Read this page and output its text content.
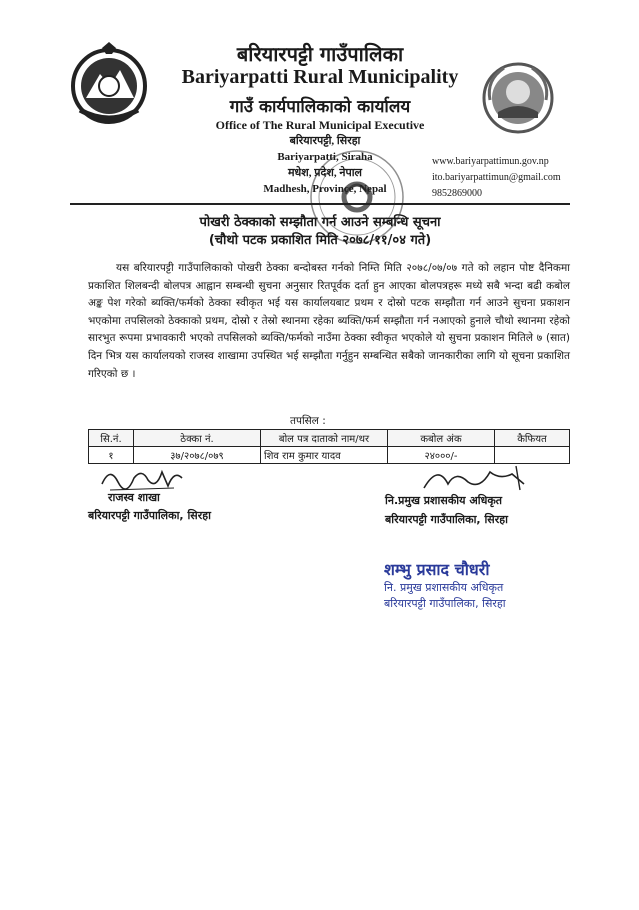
बरियारपट्टी गाउँपालिका
Bariyarpatti Rural Municipality
गाउँ कार्यपालिकाको कार्यालय
Office of The Rural Municipal Executive
बरियारपट्टी, सिरहा
Bariyarpatti, Siraha
मधेश, प्रदेश, नेपाल
Madhesh, Province, Nepal
www.bariyarpattimun.gov.np
ito.bariyarpattimun@gmail.com
9852869000
पोखरी ठेक्काको सम्झौता गर्न आउने सम्बन्धि सूचना
(चौथो पटक प्रकाशित मिति २०७८/११/०४ गते)
यस बरियारपट्टी गाउँपालिकाको पोखरी ठेक्का बन्दोबस्त गर्नको निम्ति मिति २०७८/०७/०७ गते को लहान पोष्ट दैनिकमा प्रकाशित शिलबन्दी बोलपत्र आह्वान सम्बन्धी सुचना अनुसार रितपूर्वक दर्ता हुन आएका बोलपत्रहरू मध्ये सबै भन्दा बढी कबोल अङ्क पेश गरेको ब्यक्ति/फर्मको ठेक्का स्वीकृत भई यस कार्यालयबाट प्रथम र दोस्रो पटक सम्झौता गर्न आउने सुचना प्रकाशन भएकोमा तपसिलको ठेक्काको प्रथम, दोस्रो र तेस्रो स्थानमा रहेका ब्यक्ति/फर्म सम्झौता गर्न नआएको हुनाले चौथो स्थानमा रहेको सारभुत रूपमा प्रभावकारी भएको तपसिलको ब्यक्ति/फर्मको नाउँमा ठेक्का स्वीकृत भएकोले यो सुचना प्रकाशन मितिले ७ (सात) दिन भित्र यस कार्यालयको राजस्व शाखामा उपस्थित भई सम्झौता गर्नुहुन सम्बन्धित सबैको जानकारीका लागि यो सूचना प्रकाशित गरिएको छ ।
तपसिल :
सि.नं.	ठेक्का नं.	बोल पत्र दाताको नाम/थर	कबोल अंक	कैफियत
१	३७/२०७८/०७९	शिव राम कुमार यादव	२४०००/-	
राजस्व शाखा
बरियारपट्टी गाउँपालिका, सिरहा
नि.प्रमुख प्रशासकीय अधिकृत
बरियारपट्टी गाउँपालिका, सिरहा
शम्भु प्रसाद चौधरी
नि. प्रमुख प्रशासकीय अधिकृत
बरियारपट्टी गाउँपालिका, सिरहा
